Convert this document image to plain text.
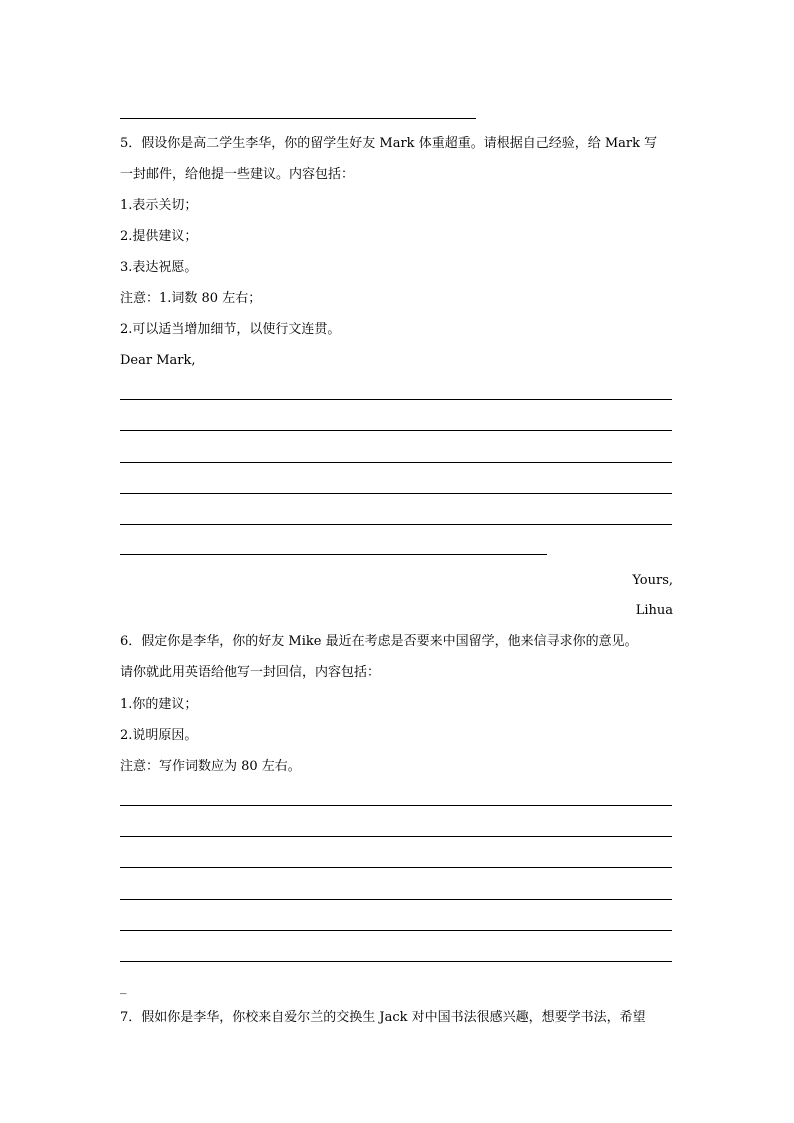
5．假设你是高二学生李华，你的留学生好友 Mark 体重超重。请根据自己经验，给 Mark 写
一封邮件，给他提一些建议。内容包括：
1.表示关切；
2.提供建议；
3.表达祝愿。
注意：1.词数 80 左右；
2.可以适当增加细节，以使行文连贯。
Dear Mark,
Yours,
Lihua
6．假定你是李华，你的好友 Mike 最近在考虑是否要来中国留学，他来信寻求你的意见。
请你就此用英语给他写一封回信，内容包括：
1.你的建议；
2.说明原因。
注意：写作词数应为 80 左右。
_
7．假如你是李华，你校来自爱尔兰的交换生 Jack 对中国书法很感兴趣，想要学书法，希望
